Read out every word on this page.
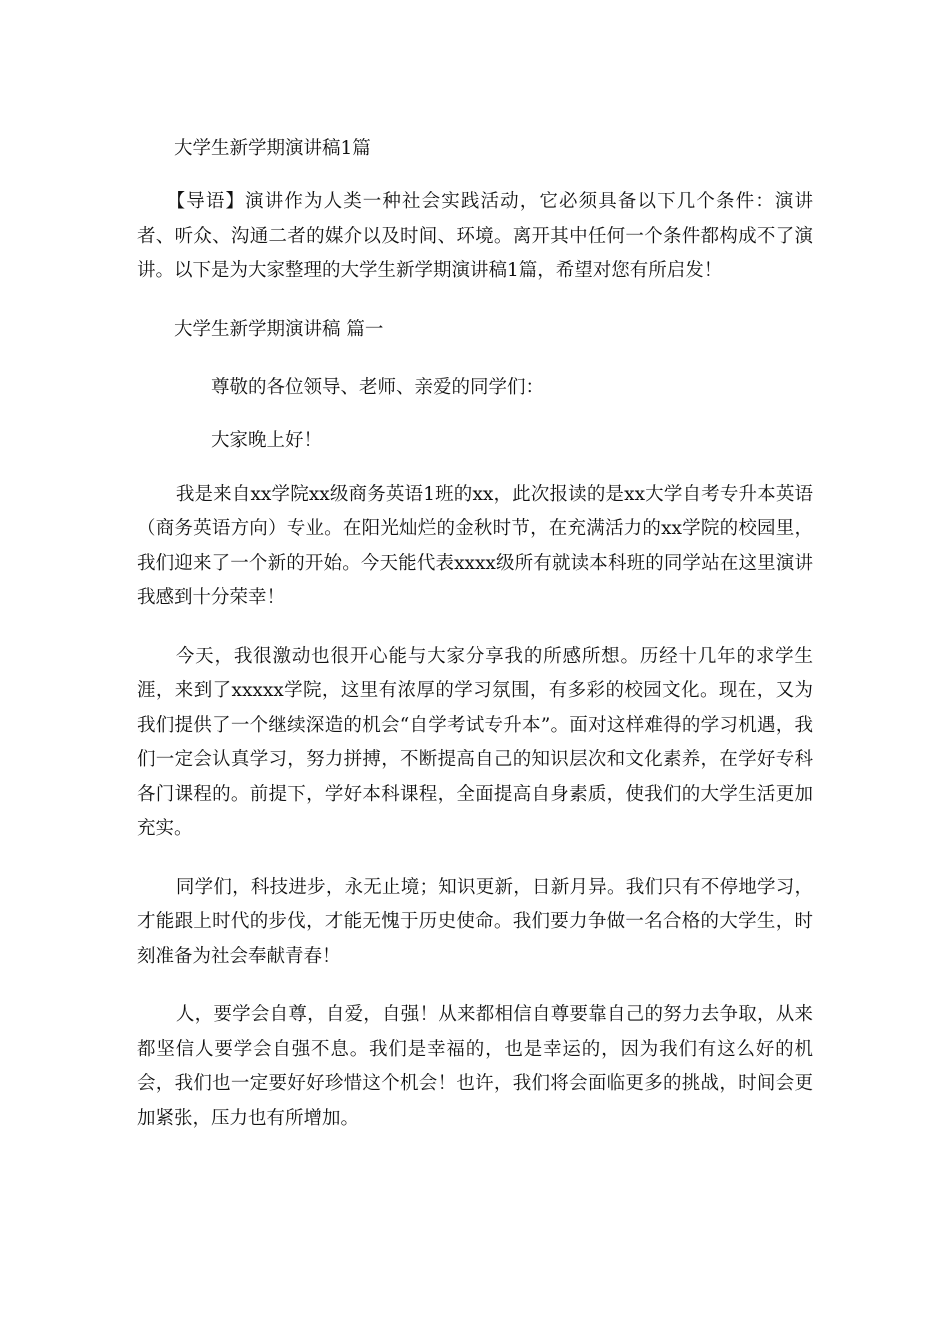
大学生新学期演讲稿1篇

【导语】演讲作为人类一种社会实践活动，它必须具备以下几个条件：演讲者、听众、沟通二者的媒介以及时间、环境。离开其中任何一个条件都构成不了演讲。以下是为大家整理的大学生新学期演讲稿1篇，希望对您有所启发！

大学生新学期演讲稿 篇一

尊敬的各位领导、老师、亲爱的同学们：

大家晚上好！

我是来自xx学院xx级商务英语1班的xx，此次报读的是xx大学自考专升本英语（商务英语方向）专业。在阳光灿烂的金秋时节，在充满活力的xx学院的校园里，我们迎来了一个新的开始。今天能代表xxxx级所有就读本科班的同学站在这里演讲我感到十分荣幸！

今天，我很激动也很开心能与大家分享我的所感所想。历经十几年的求学生涯，来到了xxxxx学院，这里有浓厚的学习氛围，有多彩的校园文化。现在，又为我们提供了一个继续深造的机会“自学考试专升本”。面对这样难得的学习机遇，我们一定会认真学习，努力拼搏，不断提高自己的知识层次和文化素养，在学好专科各门课程的。前提下，学好本科课程，全面提高自身素质，使我们的大学生活更加充实。

同学们，科技进步，永无止境；知识更新，日新月异。我们只有不停地学习，才能跟上时代的步伐，才能无愧于历史使命。我们要力争做一名合格的大学生，时刻准备为社会奉献青春！

人，要学会自尊，自爱，自强！从来都相信自尊要靠自己的努力去争取，从来都坚信人要学会自强不息。我们是幸福的，也是幸运的，因为我们有这么好的机会，我们也一定要好好珍惜这个机会！也许，我们将会面临更多的挑战，时间会更加紧张，压力也有所增加。
